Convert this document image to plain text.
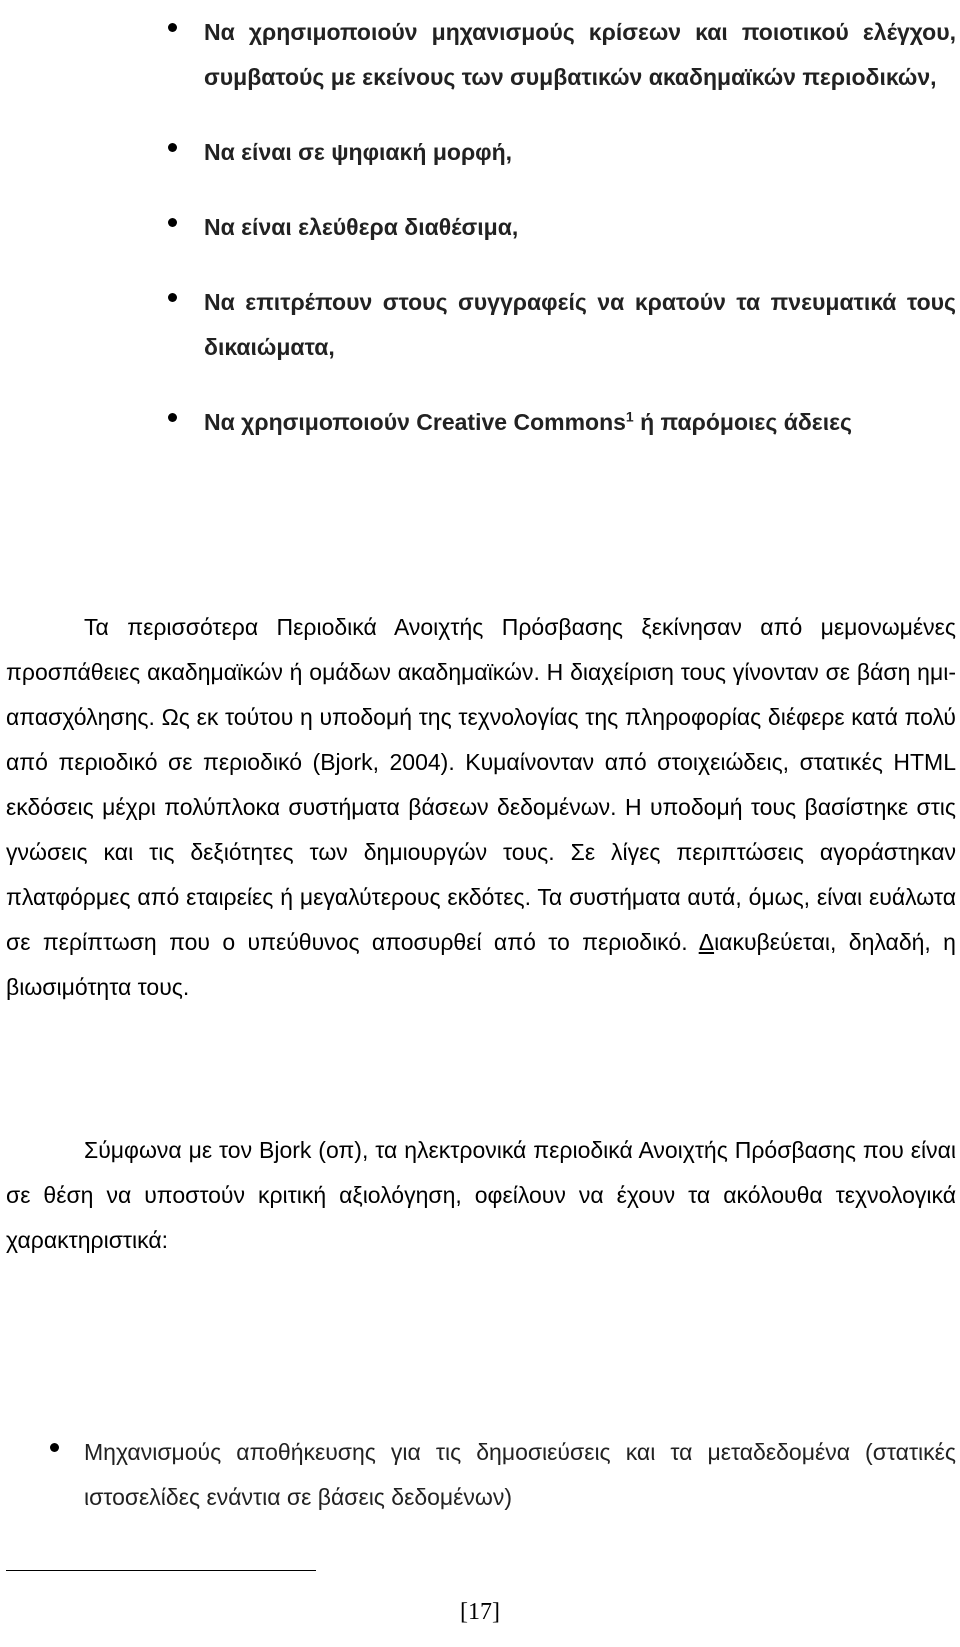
Να χρησιμοποιούν μηχανισμούς κρίσεων και ποιοτικού ελέγχου, συμβατούς με εκείνους των συμβατικών ακαδημαϊκών περιοδικών,
Να είναι σε ψηφιακή μορφή,
Να είναι ελεύθερα διαθέσιμα,
Να επιτρέπουν στους συγγραφείς να κρατούν τα πνευματικά τους δικαιώματα,
Να χρησιμοποιούν Creative Commons$^1$ ή παρόμοιες άδειες
Τα περισσότερα Περιοδικά Ανοιχτής Πρόσβασης ξεκίνησαν από μεμονωμένες προσπάθειες ακαδημαϊκών ή ομάδων ακαδημαϊκών. Η διαχείριση τους γίνονταν σε βάση ημι-απασχόλησης. Ως εκ τούτου η υποδομή της τεχνολογίας της πληροφορίας διέφερε κατά πολύ από περιοδικό σε περιοδικό (Bjork, 2004). Κυμαίνονταν από στοιχειώδεις, στατικές HTML εκδόσεις μέχρι πολύπλοκα συστήματα βάσεων δεδομένων. Η υποδομή τους βασίστηκε στις γνώσεις και τις δεξιότητες των δημιουργών τους. Σε λίγες περιπτώσεις αγοράστηκαν πλατφόρμες από εταιρείες ή μεγαλύτερους εκδότες. Τα συστήματα αυτά, όμως, είναι ευάλωτα σε περίπτωση που ο υπεύθυνος αποσυρθεί από το περιοδικό. Διακυβεύεται, δηλαδή, η βιωσιμότητα τους.
Σύμφωνα με τον Bjork (οπ), τα ηλεκτρονικά περιοδικά Ανοιχτής Πρόσβασης που είναι σε θέση να υποστούν κριτική αξιολόγηση, οφείλουν να έχουν τα ακόλουθα τεχνολογικά χαρακτηριστικά:
Μηχανισμούς αποθήκευσης για τις δημοσιεύσεις και τα μεταδεδομένα (στατικές ιστοσελίδες ενάντια σε βάσεις δεδομένων)
[17]
